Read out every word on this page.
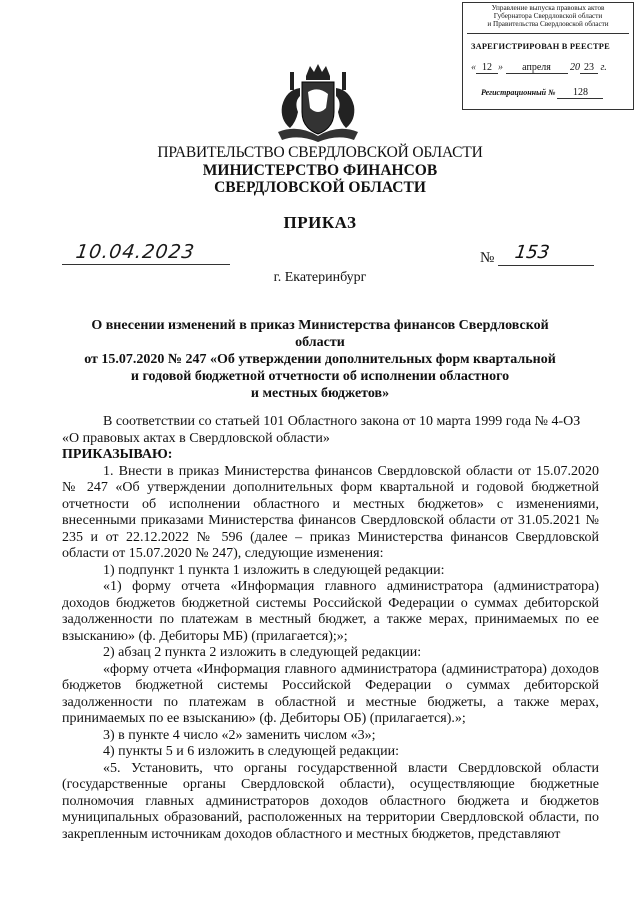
Управление выпуска правовых актов
Губернатора Свердловской области
и Правительства Свердловской области
ЗАРЕГИСТРИРОВАН В РЕЕСТРЕ
« 12 » апреля 20 23 г.
Регистрационный № 128
ПРАВИТЕЛЬСТВО СВЕРДЛОВСКОЙ ОБЛАСТИ
МИНИСТЕРСТВО ФИНАНСОВ
СВЕРДЛОВСКОЙ ОБЛАСТИ
ПРИКАЗ
10.04.2023	№ 153
г. Екатеринбург
О внесении изменений в приказ Министерства финансов Свердловской области
от 15.07.2020 № 247 «Об утверждении дополнительных форм квартальной
и годовой бюджетной отчетности об исполнении областного
и местных бюджетов»

В соответствии со статьей 101 Областного закона от 10 марта 1999 года № 4-ОЗ

«О правовых актах в Свердловской области»

ПРИКАЗЫВАЮ:

1. Внести в приказ Министерства финансов Свердловской области от 15.07.2020 № 247 «Об утверждении дополнительных форм квартальной и годовой бюджетной отчетности об исполнении областного и местных бюджетов» с изменениями, внесенными приказами Министерства финансов Свердловской области от 31.05.2021 № 235 и от 22.12.2022 № 596 (далее – приказ Министерства финансов Свердловской области от 15.07.2020 № 247), следующие изменения:

1) подпункт 1 пункта 1 изложить в следующей редакции:

«1) форму отчета «Информация главного администратора (администратора) доходов бюджетов бюджетной системы Российской Федерации о суммах дебиторской задолженности по платежам в местный бюджет, а также мерах, принимаемых по ее взысканию» (ф. Дебиторы МБ) (прилагается);»;

2) абзац 2 пункта 2 изложить в следующей редакции:

«форму отчета «Информация главного администратора (администратора) доходов бюджетов бюджетной системы Российской Федерации о суммах дебиторской задолженности по платежам в областной и местные бюджеты, а также мерах, принимаемых по ее взысканию» (ф. Дебиторы ОБ) (прилагается).»;

3) в пункте 4 число «2» заменить числом «3»;

4) пункты 5 и 6 изложить в следующей редакции:

«5. Установить, что органы государственной власти Свердловской области (государственные органы Свердловской области), осуществляющие бюджетные полномочия главных администраторов доходов областного бюджета и бюджетов муниципальных образований, расположенных на территории Свердловской области, по закрепленным источникам доходов областного и местных бюджетов, представляют
